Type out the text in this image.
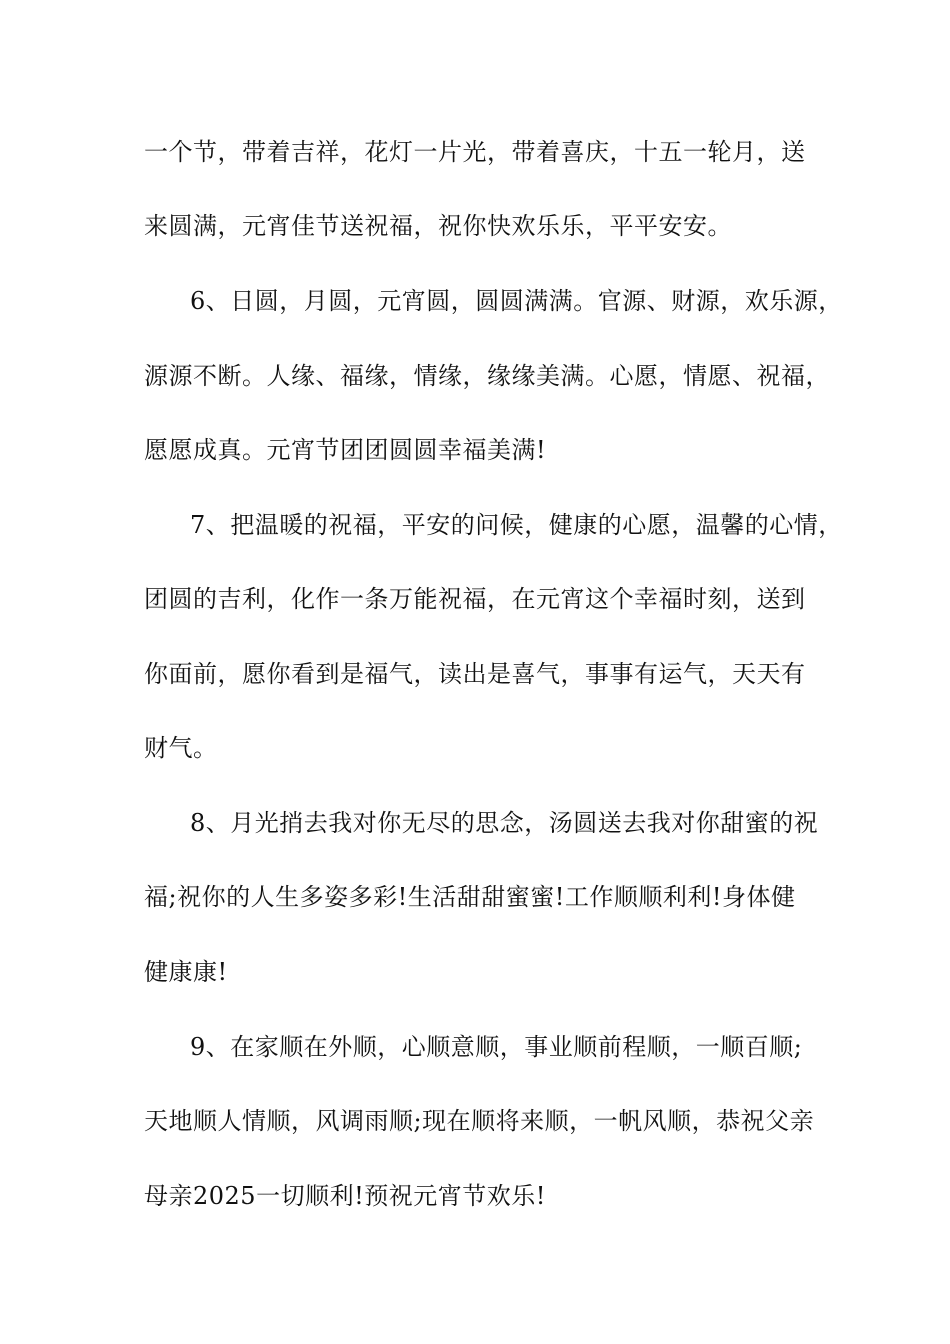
一个节，带着吉祥，花灯一片光，带着喜庆，十五一轮月，送
来圆满，元宵佳节送祝福，祝你快欢乐乐，平平安安。
6、日圆，月圆，元宵圆，圆圆满满。官源、财源，欢乐源，
源源不断。人缘、福缘，情缘，缘缘美满。心愿，情愿、祝福，
愿愿成真。元宵节团团圆圆幸福美满!
7、把温暖的祝福，平安的问候，健康的心愿，温馨的心情，
团圆的吉利，化作一条万能祝福，在元宵这个幸福时刻，送到
你面前，愿你看到是福气，读出是喜气，事事有运气，天天有
财气。
8、月光捎去我对你无尽的思念，汤圆送去我对你甜蜜的祝
福;祝你的人生多姿多彩!生活甜甜蜜蜜!工作顺顺利利!身体健
健康康!
9、在家顺在外顺，心顺意顺，事业顺前程顺，一顺百顺;
天地顺人情顺，风调雨顺;现在顺将来顺，一帆风顺，恭祝父亲
母亲2025一切顺利!预祝元宵节欢乐!
